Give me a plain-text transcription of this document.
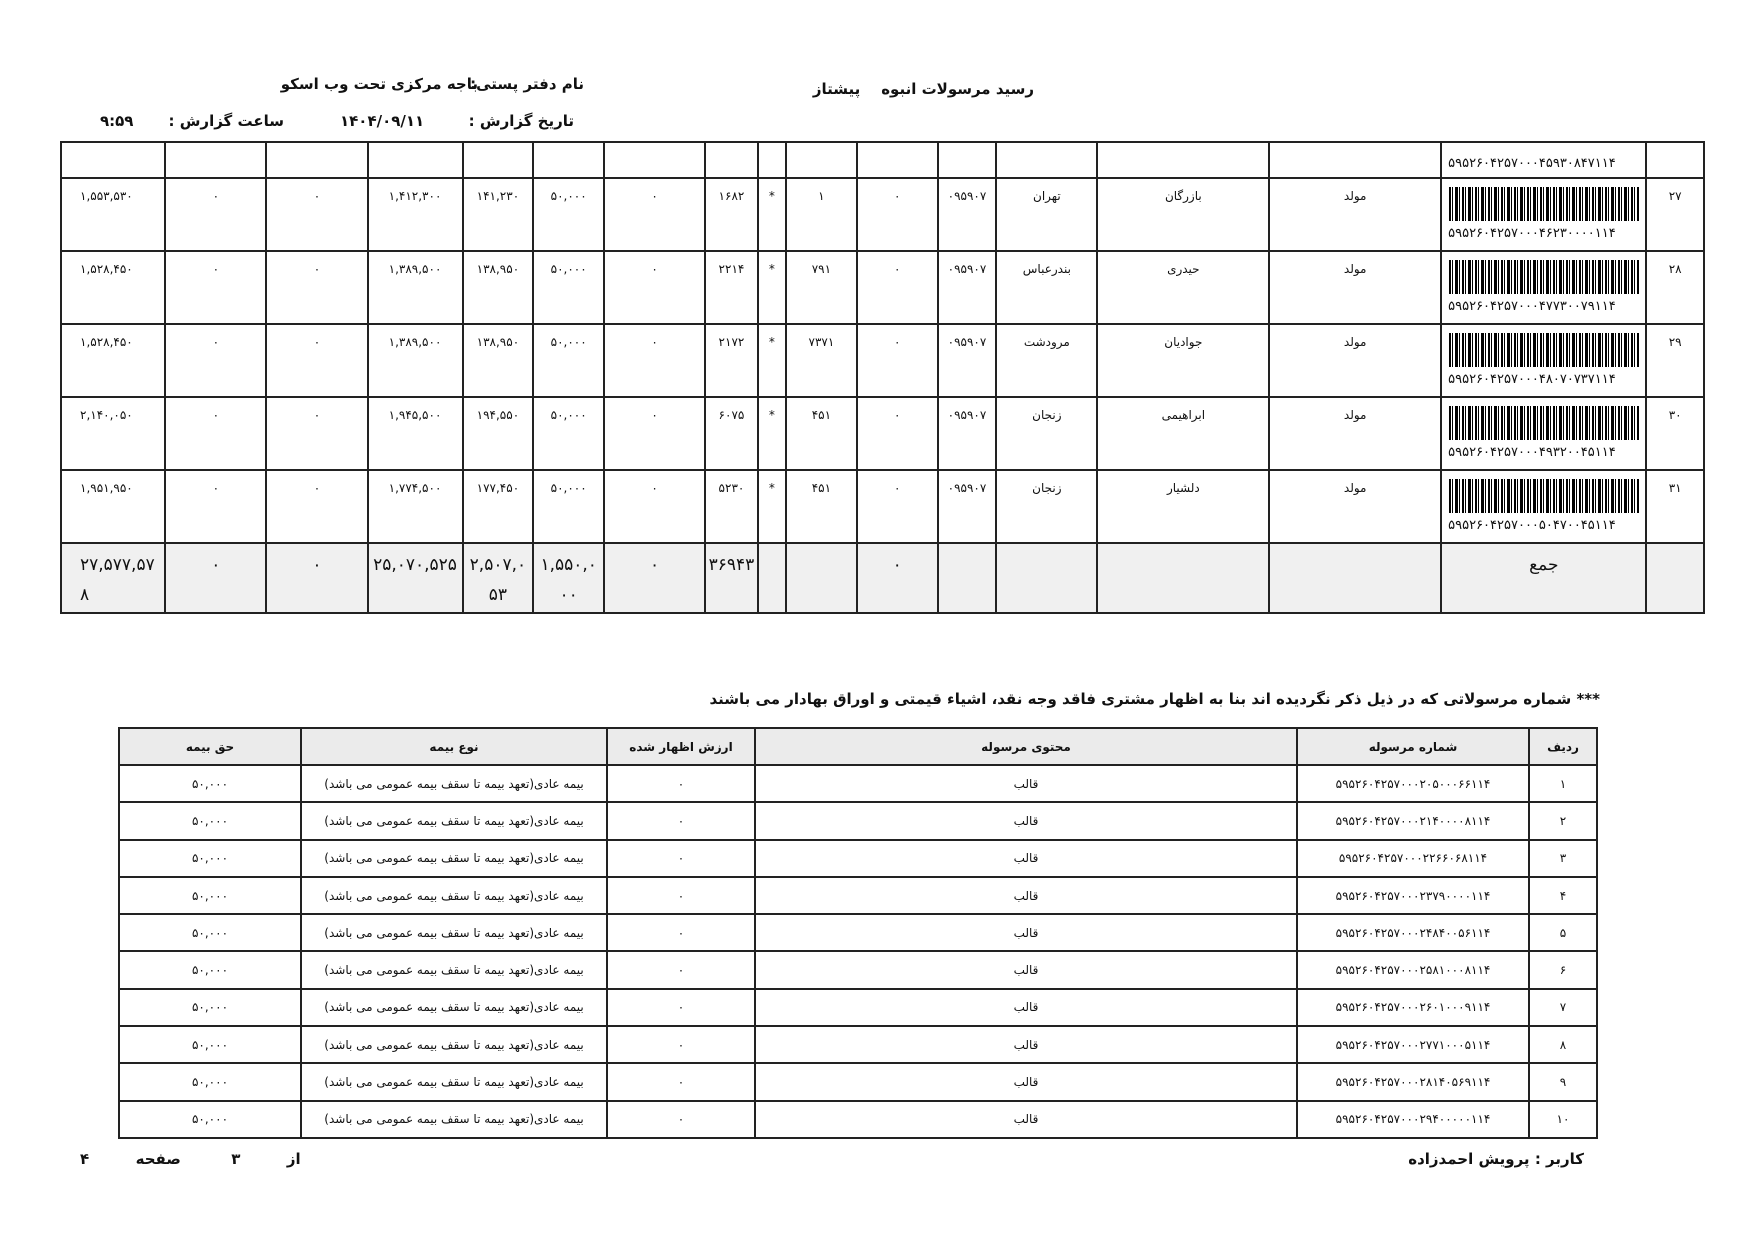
رسید مرسولات انبوه    پیشتاز
نام دفتر پستی:
باجه مرکزی تحت وب اسکو
تاریخ گزارش :
۱۴۰۴/۰۹/۱۱
ساعت گزارش :
۹:۵۹

	۵۹۵۲۶۰۴۲۵۷۰۰۰۴۵۹۳۰۸۴۷۱۱۴															

۲۷	۵۹۵۲۶۰۴۲۵۷۰۰۰۴۶۲۳۰۰۰۰۱۱۴	مولد	بازرگان	تهران	۰۹۵۹۰۷	۰	۱	*	۱۶۸۲	۰	۵۰,۰۰۰	۱۴۱,۲۳۰	۱,۴۱۲,۳۰۰	۰	۰	۱,۵۵۳,۵۳۰
۲۸	۵۹۵۲۶۰۴۲۵۷۰۰۰۴۷۷۳۰۰۷۹۱۱۴	مولد	حیدری	بندرعباس	۰۹۵۹۰۷	۰	۷۹۱	*	۲۲۱۴	۰	۵۰,۰۰۰	۱۳۸,۹۵۰	۱,۳۸۹,۵۰۰	۰	۰	۱,۵۲۸,۴۵۰
۲۹	۵۹۵۲۶۰۴۲۵۷۰۰۰۴۸۰۷۰۷۳۷۱۱۴	مولد	جوادیان	مرودشت	۰۹۵۹۰۷	۰	۷۳۷۱	*	۲۱۷۲	۰	۵۰,۰۰۰	۱۳۸,۹۵۰	۱,۳۸۹,۵۰۰	۰	۰	۱,۵۲۸,۴۵۰
۳۰	۵۹۵۲۶۰۴۲۵۷۰۰۰۴۹۳۲۰۰۴۵۱۱۴	مولد	ابراهیمی	زنجان	۰۹۵۹۰۷	۰	۴۵۱	*	۶۰۷۵	۰	۵۰,۰۰۰	۱۹۴,۵۵۰	۱,۹۴۵,۵۰۰	۰	۰	۲,۱۴۰,۰۵۰
۳۱	۵۹۵۲۶۰۴۲۵۷۰۰۰۵۰۴۷۰۰۴۵۱۱۴	مولد	دلشیار	زنجان	۰۹۵۹۰۷	۰	۴۵۱	*	۵۲۳۰	۰	۵۰,۰۰۰	۱۷۷,۴۵۰	۱,۷۷۴,۵۰۰	۰	۰	۱,۹۵۱,۹۵۰
	جمع					۰			۳۶۹۴۳	۰	۱,۵۵۰,۰۰۰	۲,۵۰۷,۰۵۳	۲۵,۰۷۰,۵۲۵	۰	۰	۲۷,۵۷۷,۵۷۸
*** شماره مرسولاتی که در ذیل ذکر نگردیده اند بنا به اظهار مشتری فاقد وجه نقد، اشیاء قیمتی و اوراق بهادار می باشند
ردیف	شماره مرسوله	محتوی مرسوله	ارزش اظهار شده	نوع بیمه	حق بیمه
۱	۵۹۵۲۶۰۴۲۵۷۰۰۰۲۰۵۰۰۰۶۶۱۱۴	قالب	۰	بیمه عادی(تعهد بیمه تا سقف بیمه عمومی می باشد)	۵۰,۰۰۰
۲	۵۹۵۲۶۰۴۲۵۷۰۰۰۲۱۴۰۰۰۰۸۱۱۴	قالب	۰	بیمه عادی(تعهد بیمه تا سقف بیمه عمومی می باشد)	۵۰,۰۰۰
۳	۵۹۵۲۶۰۴۲۵۷۰۰۰۲۲۶۶۰۶۸۱۱۴	قالب	۰	بیمه عادی(تعهد بیمه تا سقف بیمه عمومی می باشد)	۵۰,۰۰۰
۴	۵۹۵۲۶۰۴۲۵۷۰۰۰۲۳۷۹۰۰۰۰۱۱۴	قالب	۰	بیمه عادی(تعهد بیمه تا سقف بیمه عمومی می باشد)	۵۰,۰۰۰
۵	۵۹۵۲۶۰۴۲۵۷۰۰۰۲۴۸۴۰۰۵۶۱۱۴	قالب	۰	بیمه عادی(تعهد بیمه تا سقف بیمه عمومی می باشد)	۵۰,۰۰۰
۶	۵۹۵۲۶۰۴۲۵۷۰۰۰۲۵۸۱۰۰۰۸۱۱۴	قالب	۰	بیمه عادی(تعهد بیمه تا سقف بیمه عمومی می باشد)	۵۰,۰۰۰
۷	۵۹۵۲۶۰۴۲۵۷۰۰۰۲۶۰۱۰۰۰۹۱۱۴	قالب	۰	بیمه عادی(تعهد بیمه تا سقف بیمه عمومی می باشد)	۵۰,۰۰۰
۸	۵۹۵۲۶۰۴۲۵۷۰۰۰۲۷۷۱۰۰۰۵۱۱۴	قالب	۰	بیمه عادی(تعهد بیمه تا سقف بیمه عمومی می باشد)	۵۰,۰۰۰
۹	۵۹۵۲۶۰۴۲۵۷۰۰۰۲۸۱۴۰۵۶۹۱۱۴	قالب	۰	بیمه عادی(تعهد بیمه تا سقف بیمه عمومی می باشد)	۵۰,۰۰۰
۱۰	۵۹۵۲۶۰۴۲۵۷۰۰۰۲۹۴۰۰۰۰۰۱۱۴	قالب	۰	بیمه عادی(تعهد بیمه تا سقف بیمه عمومی می باشد)	۵۰,۰۰۰
کاربر : پرویش احمدزاده
۴	از  ۳  صفحه
